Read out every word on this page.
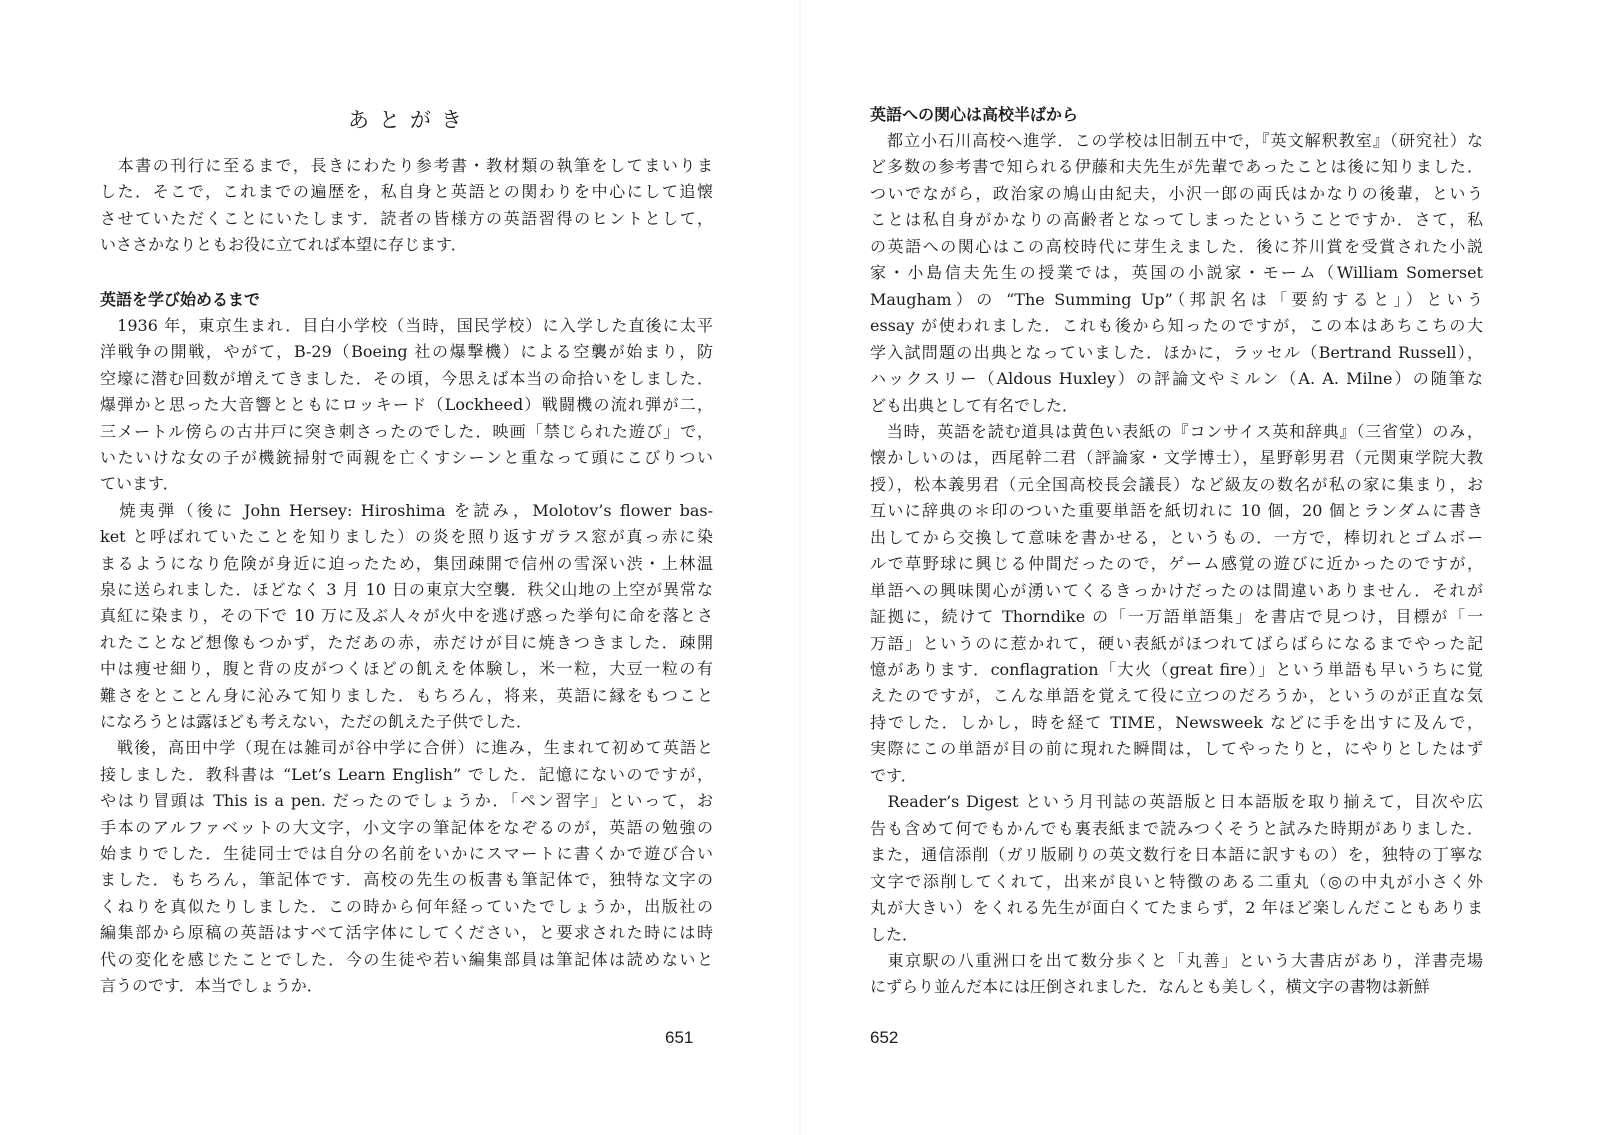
あとがき
英語を学び始めるまで
　本書の刊行に至るまで，長きにわたり参考書・教材類の執筆をしてまいりま
した．そこで，これまでの遍歴を，私自身と英語との関わりを中心にして追懐
させていただくことにいたします．読者の皆様方の英語習得のヒントとして，
いささかなりともお役に立てれば本望に存じます．
　1936 年，東京生まれ．目白小学校（当時，国民学校）に入学した直後に太平
洋戦争の開戦，やがて，B-29（Boeing 社の爆撃機）による空襲が始まり，防
空壕に潜む回数が増えてきました．その頃，今思えば本当の命拾いをしました．
爆弾かと思った大音響とともにロッキード（Lockheed）戦闘機の流れ弾が二，
三メートル傍らの古井戸に突き刺さったのでした．映画「禁じられた遊び」で，
いたいけな女の子が機銃掃射で両親を亡くすシーンと重なって頭にこびりつい
ています．
　焼夷弾（後に John Hersey: Hiroshima を読み，Molotov’s flower bas-
ket と呼ばれていたことを知りました）の炎を照り返すガラス窓が真っ赤に染
まるようになり危険が身近に迫ったため，集団疎開で信州の雪深い渋・上林温
泉に送られました．ほどなく 3 月 10 日の東京大空襲．秩父山地の上空が異常な
真紅に染まり，その下で 10 万に及ぶ人々が火中を逃げ惑った挙句に命を落とさ
れたことなど想像もつかず，ただあの赤，赤だけが目に焼きつきました．疎開
中は痩せ細り，腹と背の皮がつくほどの飢えを体験し，米一粒，大豆一粒の有
難さをとことん身に沁みて知りました．もちろん，将来，英語に縁をもつこと
になろうとは露ほども考えない，ただの飢えた子供でした．
　戦後，高田中学（現在は雑司が谷中学に合併）に進み，生まれて初めて英語と
接しました．教科書は “Let’s Learn English” でした．記憶にないのですが，
やはり冒頭は This is a pen. だったのでしょうか．「ペン習字」といって，お
手本のアルファベットの大文字，小文字の筆記体をなぞるのが，英語の勉強の
始まりでした．生徒同士では自分の名前をいかにスマートに書くかで遊び合い
ました．もちろん，筆記体です．高校の先生の板書も筆記体で，独特な文字の
くねりを真似たりしました．この時から何年経っていたでしょうか，出版社の
編集部から原稿の英語はすべて活字体にしてください，と要求された時には時
代の変化を感じたことでした．今の生徒や若い編集部員は筆記体は読めないと
言うのです．本当でしょうか．
651
英語への関心は高校半ばから
　都立小石川高校へ進学．この学校は旧制五中で，『英文解釈教室』（研究社）な
ど多数の参考書で知られる伊藤和夫先生が先輩であったことは後に知りました．
ついでながら，政治家の鳩山由紀夫，小沢一郎の両氏はかなりの後輩，という
ことは私自身がかなりの高齢者となってしまったということですか．さて，私
の英語への関心はこの高校時代に芽生えました．後に芥川賞を受賞された小説
家・小島信夫先生の授業では，英国の小説家・モーム（William Somerset
Maugham）の “The Summing Up”（邦訳名は「要約すると」）という
essay が使われました．これも後から知ったのですが，この本はあちこちの大
学入試問題の出典となっていました．ほかに，ラッセル（Bertrand Russell），
ハックスリー（Aldous Huxley）の評論文やミルン（A. A. Milne）の随筆な
ども出典として有名でした．
　当時，英語を読む道具は黄色い表紙の『コンサイス英和辞典』（三省堂）のみ，
懐かしいのは，西尾幹二君（評論家・文学博士），星野彰男君（元関東学院大教
授），松本義男君（元全国高校長会議長）など級友の数名が私の家に集まり，お
互いに辞典の＊印のついた重要単語を紙切れに 10 個，20 個とランダムに書き
出してから交換して意味を書かせる，というもの．一方で，棒切れとゴムボー
ルで草野球に興じる仲間だったので，ゲーム感覚の遊びに近かったのですが，
単語への興味関心が湧いてくるきっかけだったのは間違いありません．それが
証拠に，続けて Thorndike の「一万語単語集」を書店で見つけ，目標が「一
万語」というのに惹かれて，硬い表紙がほつれてばらばらになるまでやった記
憶があります．conflagration「大火（great fire）」という単語も早いうちに覚
えたのですが，こんな単語を覚えて役に立つのだろうか，というのが正直な気
持でした．しかし，時を経て TIME，Newsweek などに手を出すに及んで，
実際にこの単語が目の前に現れた瞬間は，してやったりと，にやりとしたはず
です．
　Reader’s Digest という月刊誌の英語版と日本語版を取り揃えて，目次や広
告も含めて何でもかんでも裏表紙まで読みつくそうと試みた時期がありました．
また，通信添削（ガリ版刷りの英文数行を日本語に訳すもの）を，独特の丁寧な
文字で添削してくれて，出来が良いと特徴のある二重丸（◎の中丸が小さく外
丸が大きい）をくれる先生が面白くてたまらず，2 年ほど楽しんだこともありま
した．
　東京駅の八重洲口を出て数分歩くと「丸善」という大書店があり，洋書売場
にずらり並んだ本には圧倒されました．なんとも美しく，横文字の書物は新鮮
652
